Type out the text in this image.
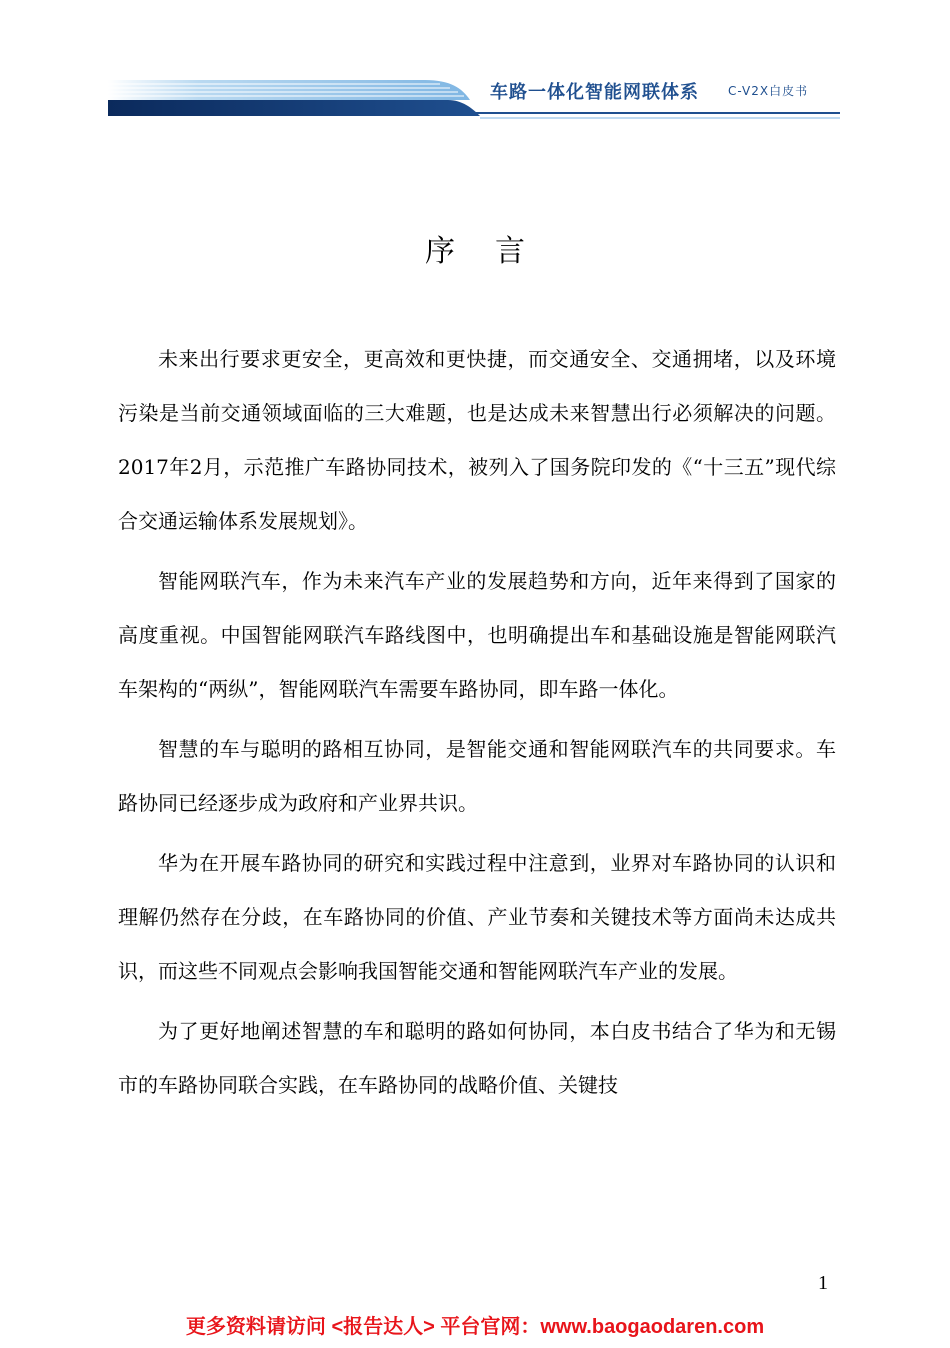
车路一体化智能网联体系 C-V2X白皮书
序言

未来出行要求更安全，更高效和更快捷，而交通安全、交通拥堵，以及环境污染是当前交通领域面临的三大难题，也是达成未来智慧出行必须解决的问题。2017年2月，示范推广车路协同技术，被列入了国务院印发的《“十三五”现代综合交通运输体系发展规划》。

智能网联汽车，作为未来汽车产业的发展趋势和方向，近年来得到了国家的高度重视。中国智能网联汽车路线图中，也明确提出车和基础设施是智能网联汽车架构的“两纵”，智能网联汽车需要车路协同，即车路一体化。

智慧的车与聪明的路相互协同，是智能交通和智能网联汽车的共同要求。车路协同已经逐步成为政府和产业界共识。

华为在开展车路协同的研究和实践过程中注意到，业界对车路协同的认识和理解仍然存在分歧，在车路协同的价值、产业节奏和关键技术等方面尚未达成共识，而这些不同观点会影响我国智能交通和智能网联汽车产业的发展。

为了更好地阐述智慧的车和聪明的路如何协同，本白皮书结合了华为和无锡市的车路协同联合实践，在车路协同的战略价值、关键技

1
更多资料请访问 <报告达人> 平台官网：www.baogaodaren.com
